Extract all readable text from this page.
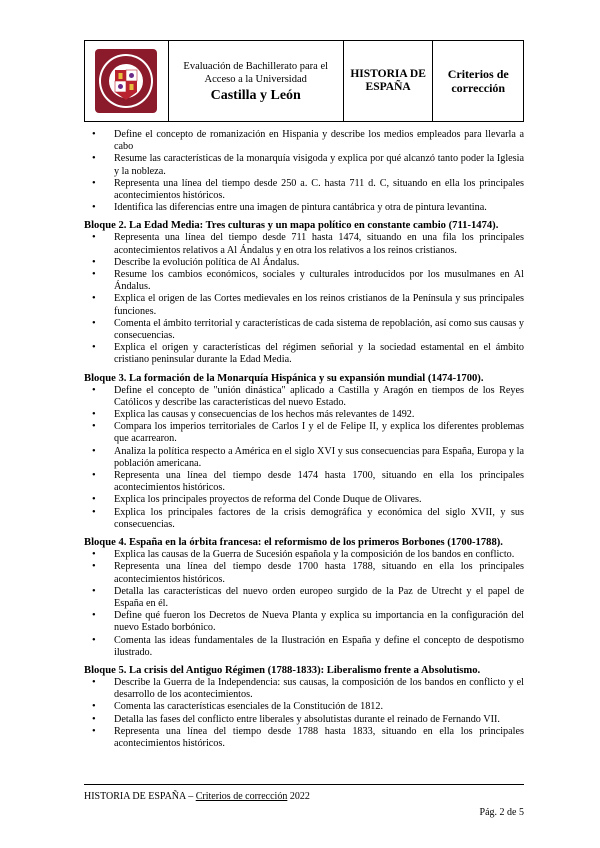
Evaluación de Bachillerato para el
Acceso a la Universidad
Castilla y León
HISTORIA DE
ESPAÑA
Criterios de
corrección
• Define el concepto de romanización en Hispania y describe los medios empleados para llevarla a cabo
• Resume las características de la monarquía visigoda y explica por qué alcanzó tanto poder la Iglesia y la nobleza.
• Representa una línea del tiempo desde 250 a. C. hasta 711 d. C, situando en ella los principales acontecimientos históricos.
• Identifica las diferencias entre una imagen de pintura cantábrica y otra de pintura levantina.
Bloque 2. La Edad Media: Tres culturas y un mapa político en constante cambio (711-1474).
• Representa una línea del tiempo desde 711 hasta 1474, situando en una fila los principales acontecimientos relativos a Al Ándalus y en otra los relativos a los reinos cristianos.
• Describe la evolución política de Al Ándalus.
• Resume los cambios económicos, sociales y culturales introducidos por los musulmanes en Al Ándalus.
• Explica el origen de las Cortes medievales en los reinos cristianos de la Península y sus principales funciones.
• Comenta el ámbito territorial y características de cada sistema de repoblación, así como sus causas y consecuencias.
• Explica el origen y características del régimen señorial y la sociedad estamental en el ámbito cristiano peninsular durante la Edad Media.
Bloque 3. La formación de la Monarquía Hispánica y su expansión mundial (1474-1700).
• Define el concepto de "unión dinástica" aplicado a Castilla y Aragón en tiempos de los Reyes Católicos y describe las características del nuevo Estado.
• Explica las causas y consecuencias de los hechos más relevantes de 1492.
• Compara los imperios territoriales de Carlos I y el de Felipe II, y explica los diferentes problemas que acarrearon.
• Analiza la política respecto a América en el siglo XVI y sus consecuencias para España, Europa y la población americana.
• Representa una línea del tiempo desde 1474 hasta 1700, situando en ella los principales acontecimientos históricos.
• Explica los principales proyectos de reforma del Conde Duque de Olivares.
• Explica los principales factores de la crisis demográfica y económica del siglo XVII, y sus consecuencias.
Bloque 4. España en la órbita francesa: el reformismo de los primeros Borbones (1700-1788).
• Explica las causas de la Guerra de Sucesión española y la composición de los bandos en conflicto.
• Representa una línea del tiempo desde 1700 hasta 1788, situando en ella los principales acontecimientos históricos.
• Detalla las características del nuevo orden europeo surgido de la Paz de Utrecht y el papel de España en él.
• Define qué fueron los Decretos de Nueva Planta y explica su importancia en la configuración del nuevo Estado borbónico.
• Comenta las ideas fundamentales de la Ilustración en España y define el concepto de despotismo ilustrado.
Bloque 5. La crisis del Antiguo Régimen (1788-1833): Liberalismo frente a Absolutismo.
• Describe la Guerra de la Independencia: sus causas, la composición de los bandos en conflicto y el desarrollo de los acontecimientos.
• Comenta las características esenciales de la Constitución de 1812.
• Detalla las fases del conflicto entre liberales y absolutistas durante el reinado de Fernando VII.
• Representa una línea del tiempo desde 1788 hasta 1833, situando en ella los principales acontecimientos históricos.
HISTORIA DE ESPAÑA – Criterios de corrección 2022
Pág. 2 de 5
